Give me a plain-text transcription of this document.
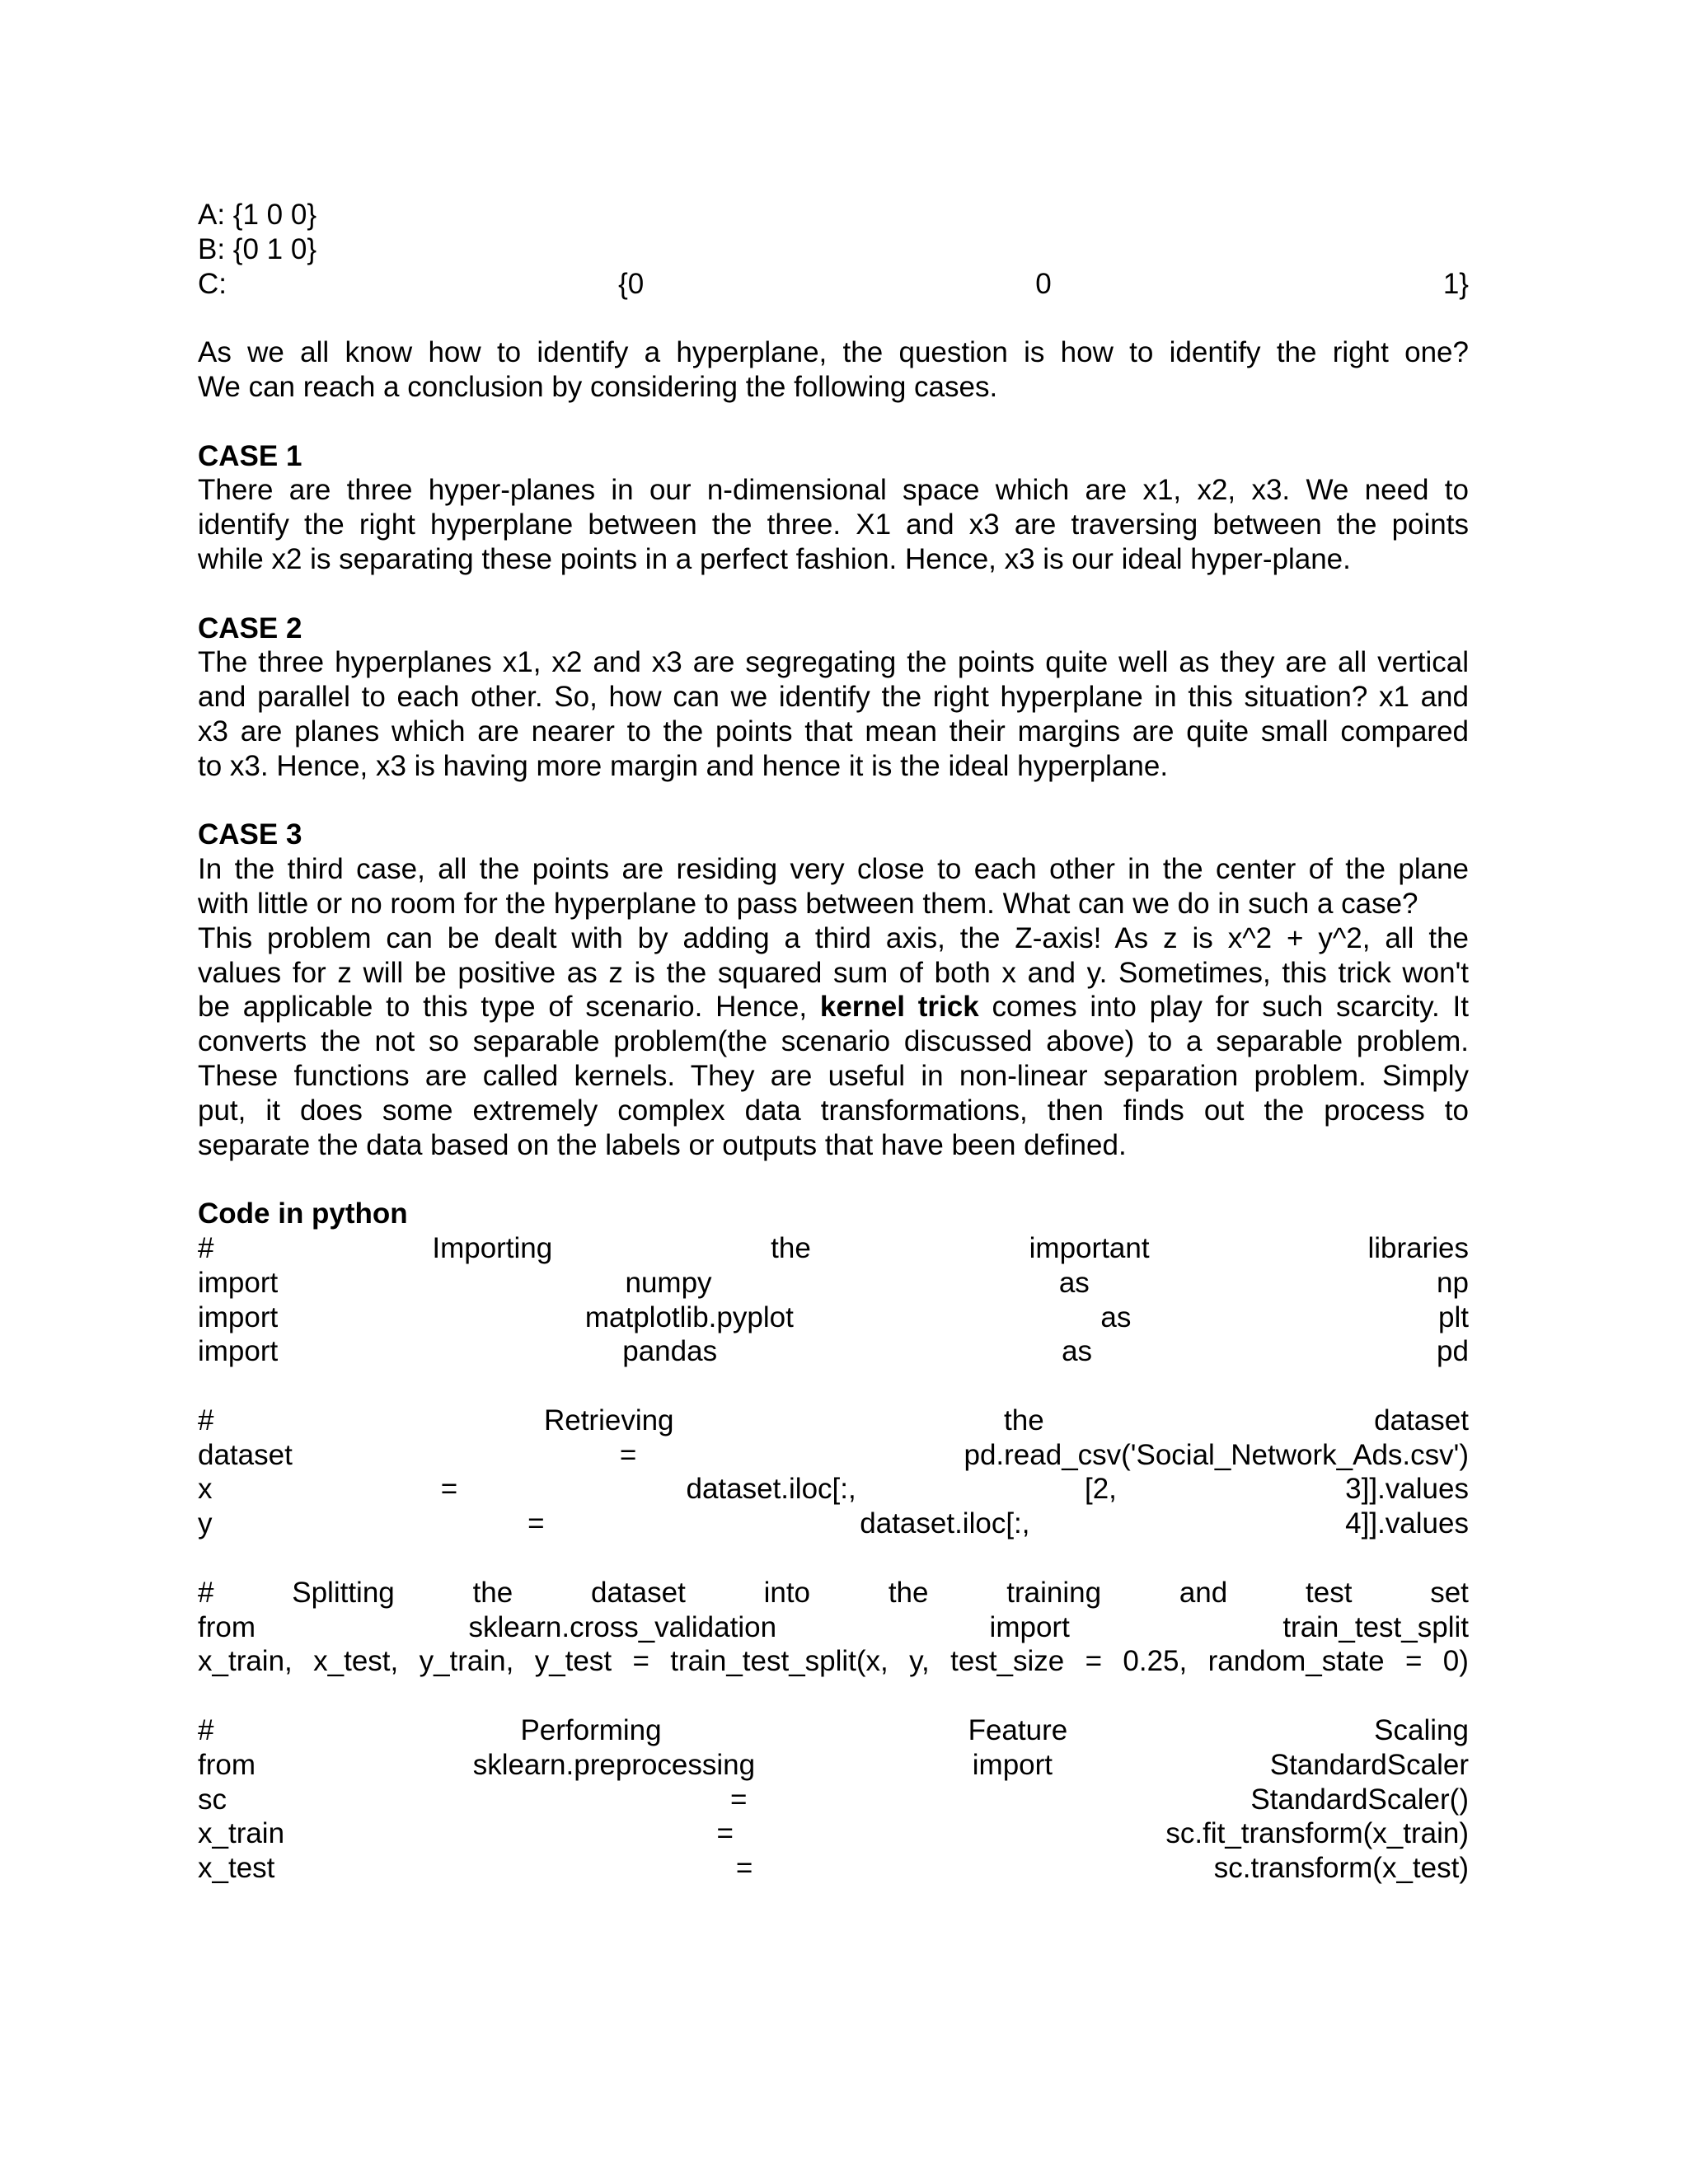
A: {1 0 0}
B: {0 1 0}
C:	{0	0	1}
As we all know how to identify a hyperplane, the question is how to identify the right one?
We can reach a conclusion by considering the following cases.
CASE 1
There are three hyper-planes in our n-dimensional space which are x1, x2, x3. We need to
identify the right hyperplane between the three. X1 and x3 are traversing between the points
while x2 is separating these points in a perfect fashion. Hence, x3 is our ideal hyper-plane.
CASE 2
The three hyperplanes x1, x2 and x3 are segregating the points quite well as they are all vertical
and parallel to each other. So, how can we identify the right hyperplane in this situation? x1 and
x3 are planes which are nearer to the points that mean their margins are quite small compared
to x3. Hence, x3 is having more margin and hence it is the ideal hyperplane.
CASE 3
In the third case, all the points are residing very close to each other in the center of the plane
with little or no room for the hyperplane to pass between them. What can we do in such a case?
This problem can be dealt with by adding a third axis, the Z-axis! As z is x^2 + y^2, all the
values for z will be positive as z is the squared sum of both x and y. Sometimes, this trick won't
be applicable to this type of scenario. Hence, kernel trick comes into play for such scarcity. It
converts the not so separable problem(the scenario discussed above) to a separable problem.
These functions are called kernels. They are useful in non-linear separation problem. Simply
put, it does some extremely complex data transformations, then finds out the process to
separate the data based on the labels or outputs that have been defined.
Code in python
#	Importing	the	important	libraries
import	numpy	as	np
import	matplotlib.pyplot	as	plt
import	pandas	as	pd
#	Retrieving	the	dataset
dataset	=	pd.read_csv('Social_Network_Ads.csv')
x	=	dataset.iloc[:,	[2,	3]].values
y	=	dataset.iloc[:,	4]].values
#	Splitting	the	dataset	into	the	training	and	test	set
from	sklearn.cross_validation	import	train_test_split
x_train, x_test, y_train, y_test = train_test_split(x, y, test_size = 0.25, random_state = 0)
#	Performing	Feature	Scaling
from	sklearn.preprocessing	import	StandardScaler
sc	=	StandardScaler()
x_train	=	sc.fit_transform(x_train)
x_test	=	sc.transform(x_test)
